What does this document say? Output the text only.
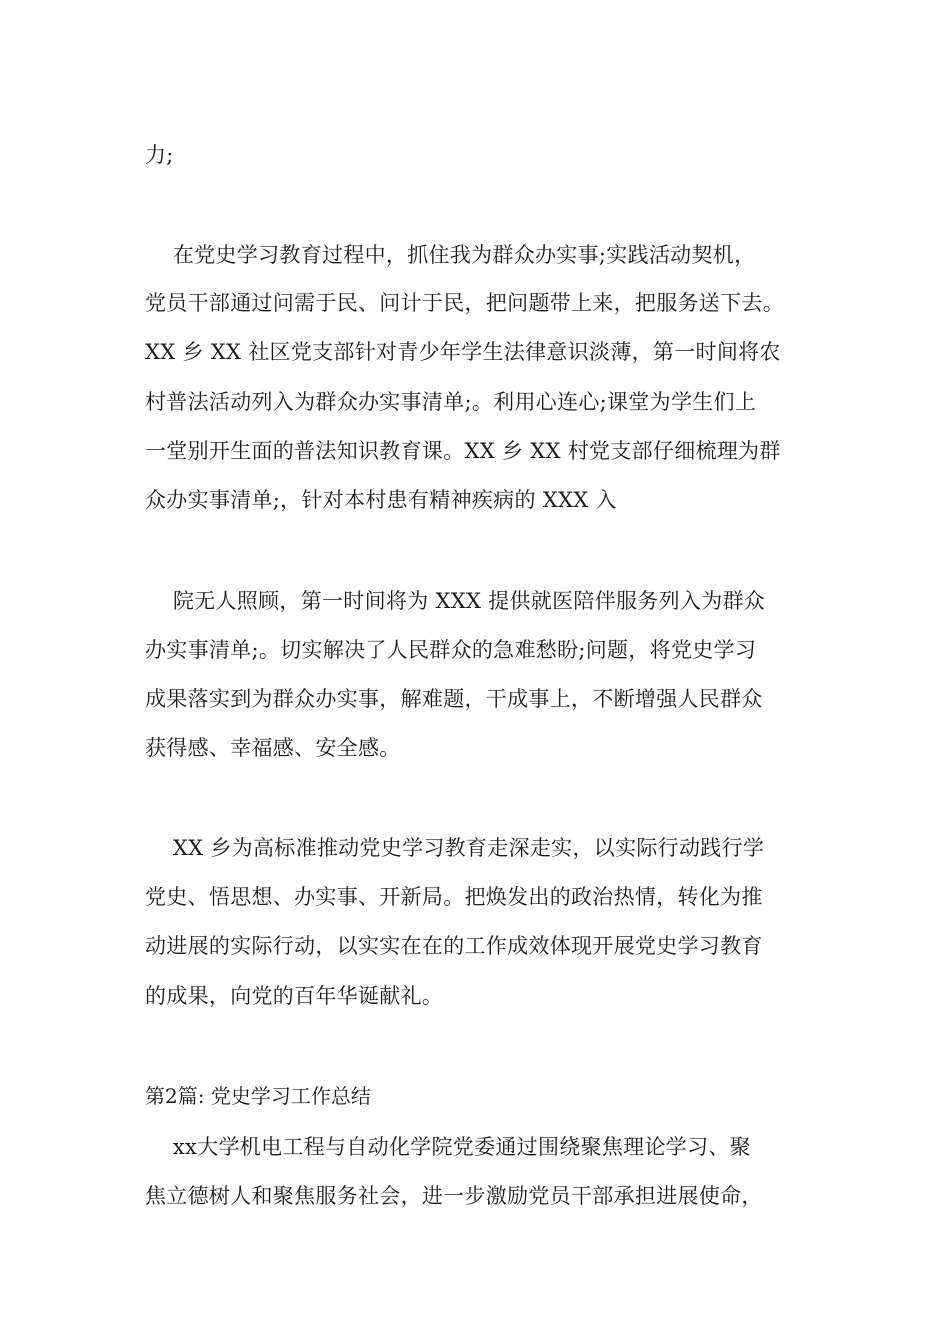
力;
在党史学习教育过程中，抓住我为群众办实事;实践活动契机，
党员干部通过问需于民、问计于民，把问题带上来，把服务送下去。
XX 乡 XX 社区党支部针对青少年学生法律意识淡薄，第一时间将农
村普法活动列入为群众办实事清单;。利用心连心;课堂为学生们上
一堂别开生面的普法知识教育课。XX 乡 XX 村党支部仔细梳理为群
众办实事清单;，针对本村患有精神疾病的 XXX 入
院无人照顾，第一时间将为 XXX 提供就医陪伴服务列入为群众
办实事清单;。切实解决了人民群众的急难愁盼;问题，将党史学习
成果落实到为群众办实事，解难题，干成事上，不断增强人民群众
获得感、幸福感、安全感。
XX 乡为高标准推动党史学习教育走深走实，以实际行动践行学
党史、悟思想、办实事、开新局。把焕发出的政治热情，转化为推
动进展的实际行动，以实实在在的工作成效体现开展党史学习教育
的成果，向党的百年华诞献礼。
第2篇: 党史学习工作总结
xx大学机电工程与自动化学院党委通过围绕聚焦理论学习、聚
焦立德树人和聚焦服务社会，进一步激励党员干部承担进展使命，
